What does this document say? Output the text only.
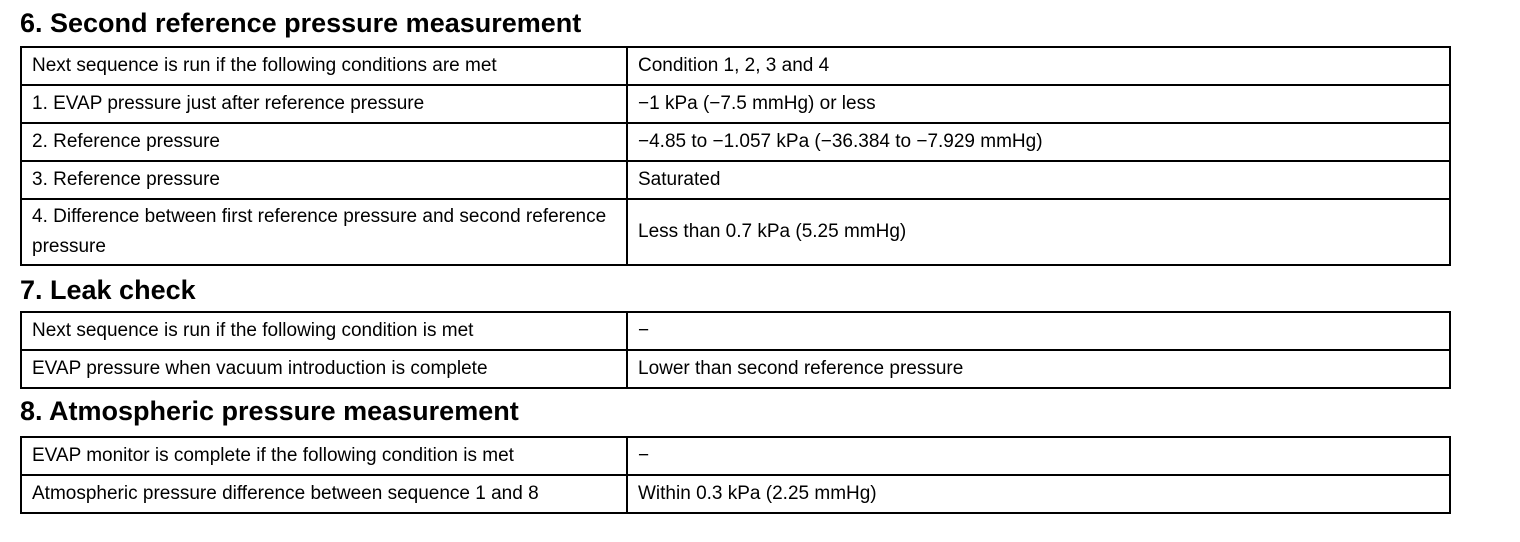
6. Second reference pressure measurement
Next sequence is run if the following conditions are met	Condition 1, 2, 3 and 4
1. EVAP pressure just after reference pressure	−1 kPa (−7.5 mmHg) or less
2. Reference pressure	−4.85 to −1.057 kPa (−36.384 to −7.929 mmHg)
3. Reference pressure	Saturated
4. Difference between first reference pressure and second reference pressure	Less than 0.7 kPa (5.25 mmHg)
7. Leak check
Next sequence is run if the following condition is met	−
EVAP pressure when vacuum introduction is complete	Lower than second reference pressure
8. Atmospheric pressure measurement
EVAP monitor is complete if the following condition is met	−
Atmospheric pressure difference between sequence 1 and 8	Within 0.3 kPa (2.25 mmHg)
